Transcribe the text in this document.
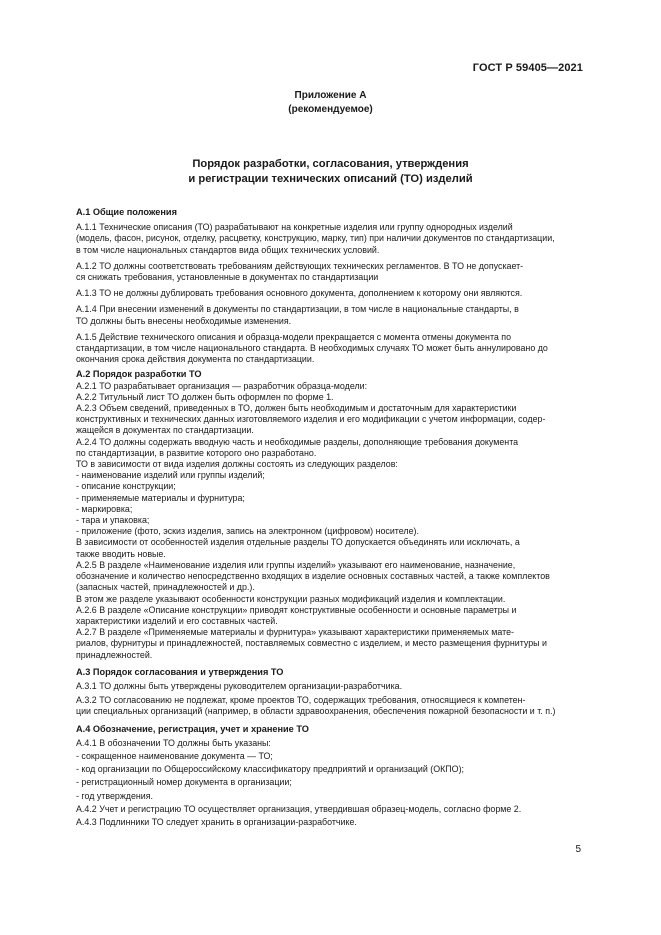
ГОСТ Р 59405—2021
Приложение А
(рекомендуемое)
Порядок разработки, согласования, утверждения
и регистрации технических описаний (ТО) изделий

А.1 Общие положения

А.1.1 Технические описания (ТО) разрабатывают на конкретные изделия или группу однородных изделий

(модель, фасон, рисунок, отделку, расцветку, конструкцию, марку, тип) при наличии документов по стандартизации,

в том числе национальных стандартов вида общих технических условий.

А.1.2 ТО должны соответствовать требованиям действующих технических регламентов. В ТО не допускает-

ся снижать требования, установленные в документах по стандартизации

А.1.3 ТО не должны дублировать требования основного документа, дополнением к которому они являются.

А.1.4 При внесении изменений в документы по стандартизации, в том числе в национальные стандарты, в

ТО должны быть внесены необходимые изменения.

А.1.5 Действие технического описания и образца-модели прекращается с момента отмены документа по

стандартизации, в том числе национального стандарта. В необходимых случаях ТО может быть аннулировано до

окончания срока действия документа по стандартизации.

А.2 Порядок разработки ТО

А.2.1 ТО разрабатывает организация — разработчик образца-модели:

А.2.2 Титульный лист ТО должен быть оформлен по форме 1.

А.2.3 Объем сведений, приведенных в ТО, должен быть необходимым и достаточным для характеристики

конструктивных и технических данных изготовляемого изделия и его модификации с учетом информации, содер-

жащейся в документах по стандартизации.

А.2.4 ТО должны содержать вводную часть и необходимые разделы, дополняющие требования документа

по стандартизации, в развитие которого оно разработано.

ТО в зависимости от вида изделия должны состоять из следующих разделов:

- наименование изделий или группы изделий;

- описание конструкции;

- применяемые материалы и фурнитура;

- маркировка;

- тара и упаковка;

- приложение (фото, эскиз изделия, запись на электронном (цифровом) носителе).

В зависимости от особенностей изделия отдельные разделы ТО допускается объединять или исключать, а

также вводить новые.

А.2.5 В разделе «Наименование изделия или группы изделий» указывают его наименование, назначение,

обозначение и количество непосредственно входящих в изделие основных составных частей, а также комплектов

(запасных частей, принадлежностей и др.).

В этом же разделе указывают особенности конструкции разных модификаций изделия и комплектации.

А.2.6 В разделе «Описание конструкции» приводят конструктивные особенности и основные параметры и

характеристики изделий и его составных частей.

А.2.7 В разделе «Применяемые материалы и фурнитура» указывают характеристики применяемых мате-

риалов, фурнитуры и принадлежностей, поставляемых совместно с изделием, и место размещения фурнитуры и

принадлежностей.

А.3 Порядок согласования и утверждения ТО

А.3.1 ТО должны быть утверждены руководителем организации-разработчика.

А.3.2 ТО согласованию не подлежат, кроме проектов ТО, содержащих требования, относящиеся к компетен-

ции специальных организаций (например, в области здравоохранения, обеспечения пожарной безопасности и т. п.)

А.4 Обозначение, регистрация, учет и хранение ТО

А.4.1 В обозначении ТО должны быть указаны:

- сокращенное наименование документа — ТО;

- код организации по Общероссийскому классификатору предприятий и организаций (ОКПО);

- регистрационный номер документа в организации;

- год утверждения.

А.4.2 Учет и регистрацию ТО осуществляет организация, утвердившая образец-модель, согласно форме 2.

А.4.3 Подлинники ТО следует хранить в организации-разработчике.

5
